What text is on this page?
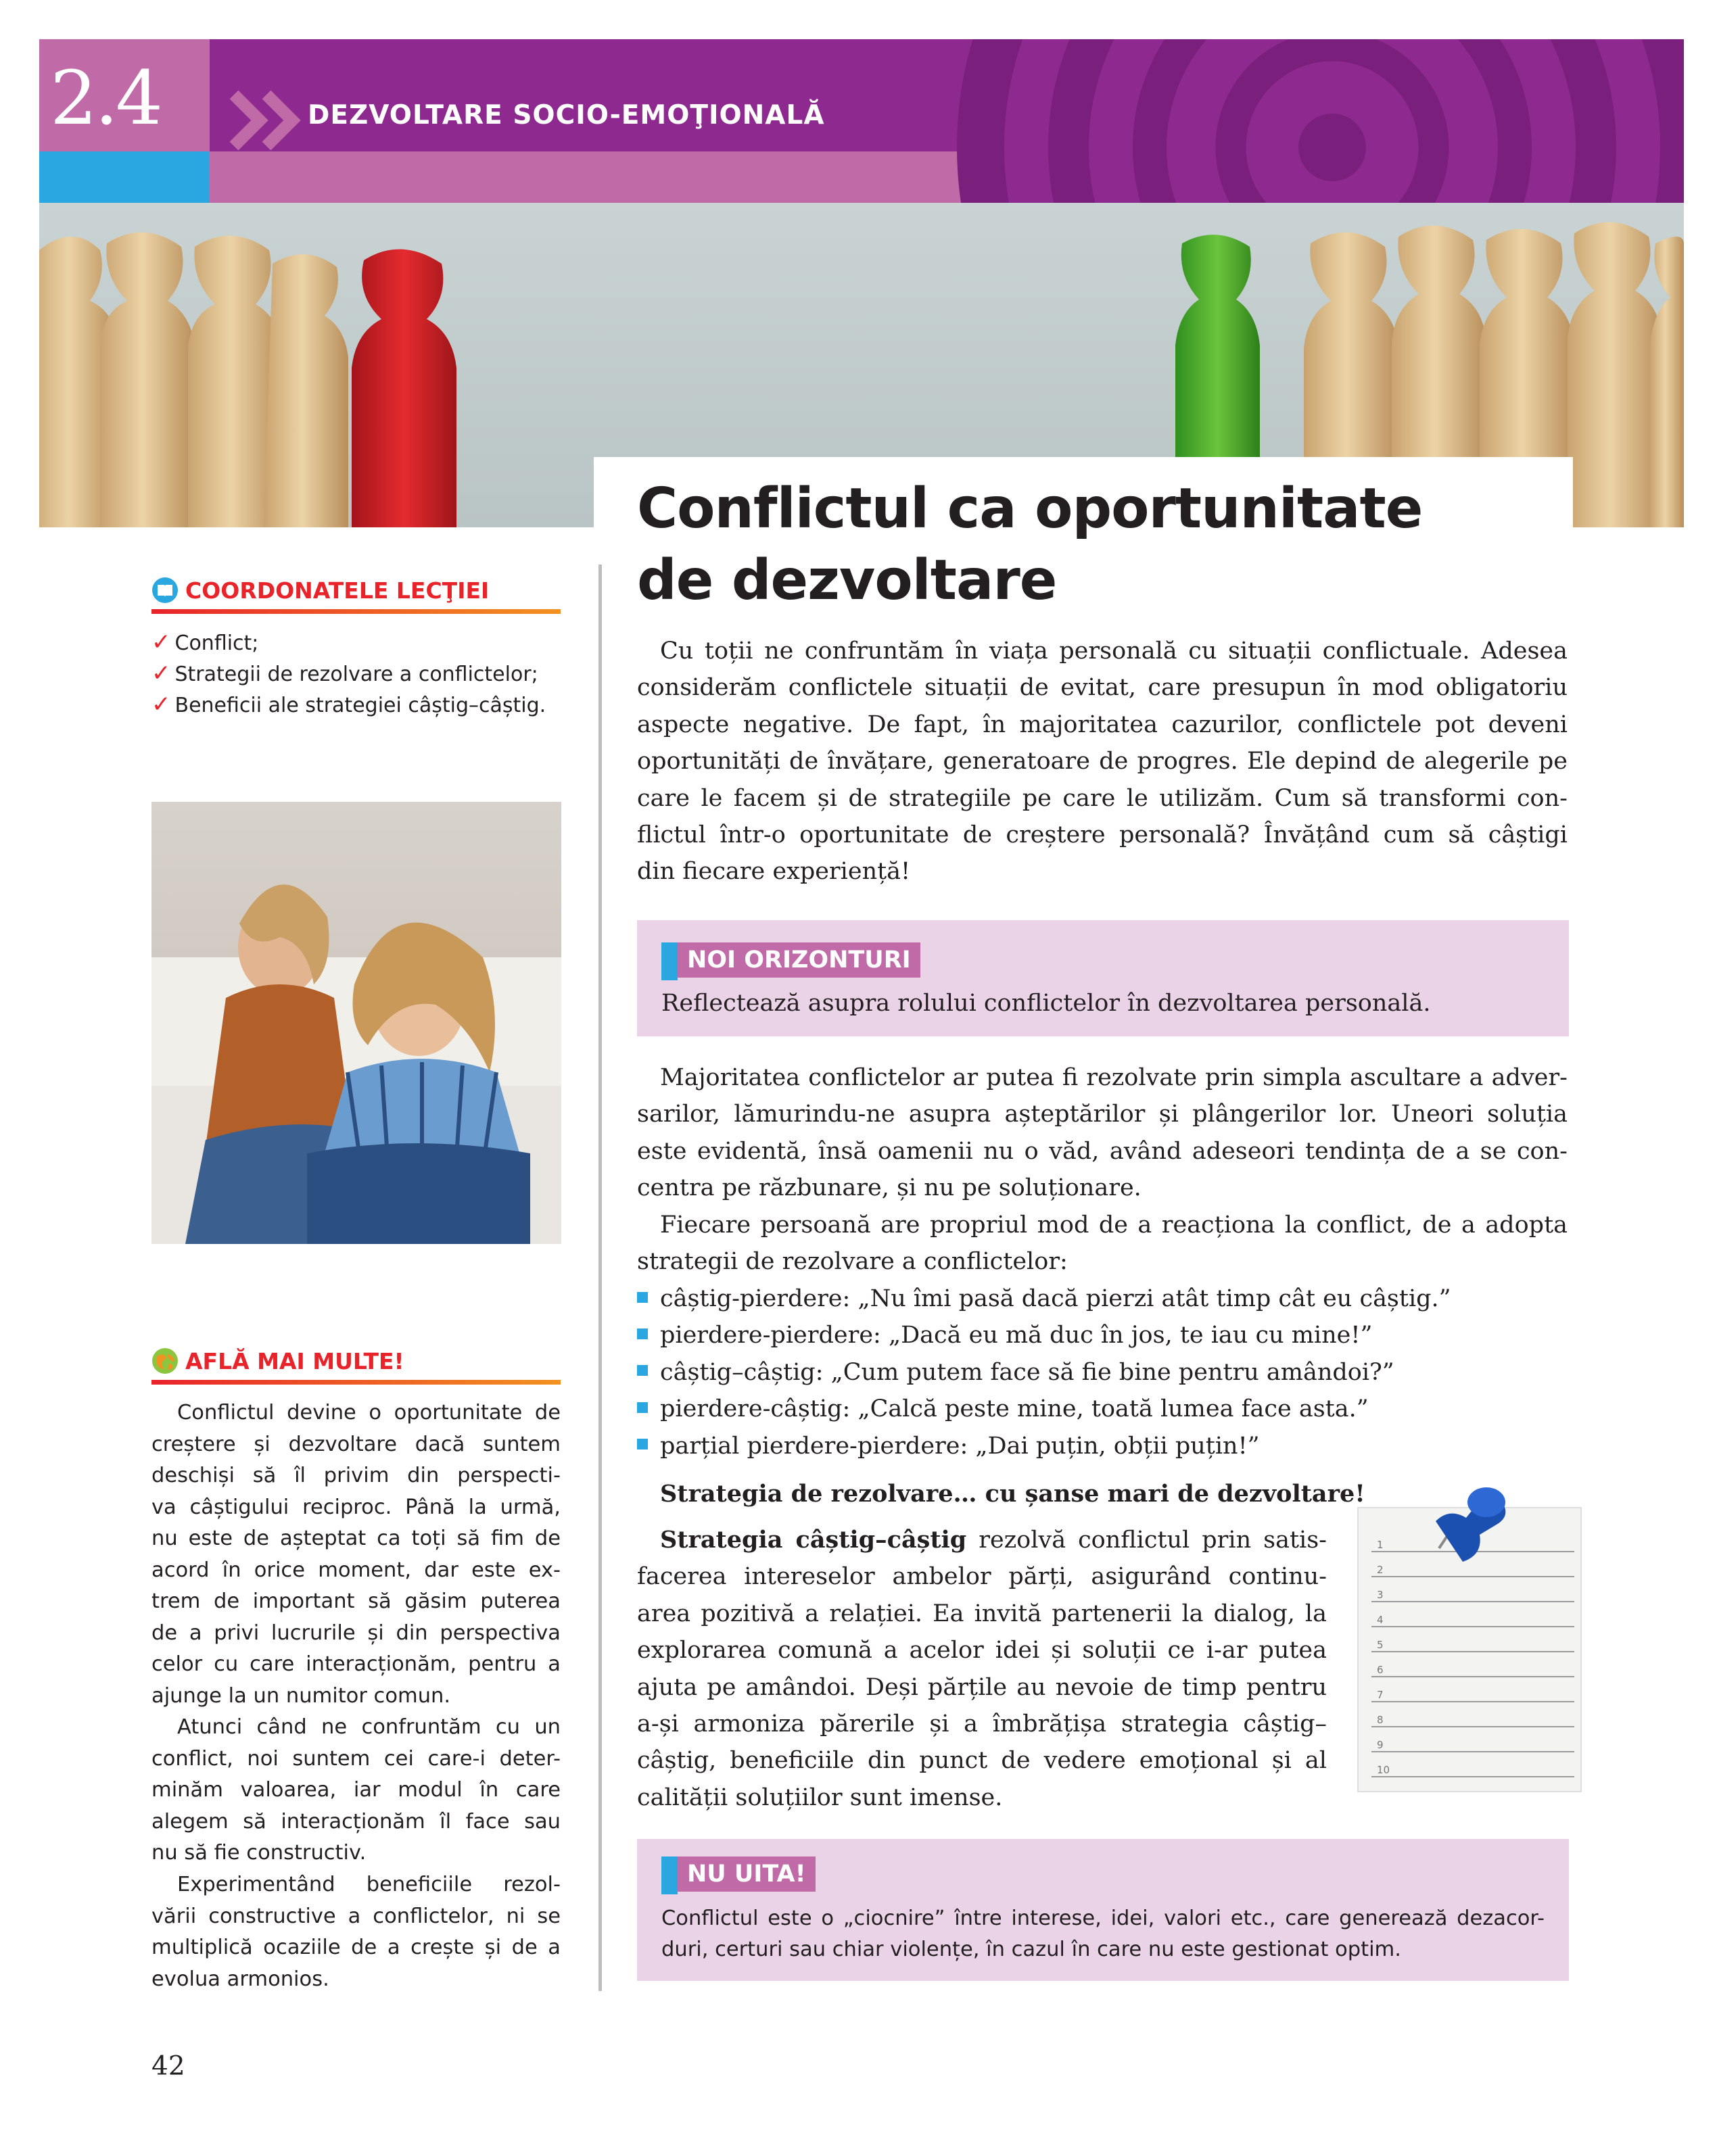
2.4	DEZVOLTARE SOCIO-EMOŢIONALĂ
Conflictul ca oportunitate
de dezvoltare
COORDONATELE LECŢIEI
✓ Conflict;
✓ Strategii de rezolvare a conflictelor;
✓ Beneficii ale strategiei câștig–câștig.
AFLĂ MAI MULTE!
Conflictul devine o oportunitate de
creștere și dezvoltare dacă suntem
deschiși să îl privim din perspecti-
va câștigului reciproc. Până la urmă,
nu este de așteptat ca toți să fim de
acord în orice moment, dar este ex-
trem de important să găsim puterea
de a privi lucrurile și din perspectiva
celor cu care interacționăm, pentru a
ajunge la un numitor comun.
Atunci când ne confruntăm cu un
conflict, noi suntem cei care-i deter-
minăm valoarea, iar modul în care
alegem să interacționăm îl face sau
nu să fie constructiv.
Experimentând beneficiile rezol-
vării constructive a conflictelor, ni se
multiplică ocaziile de a crește și de a
evolua armonios.
Cu toții ne confruntăm în viața personală cu situații conflictuale. Adesea
considerăm conflictele situații de evitat, care presupun în mod obligatoriu
aspecte negative. De fapt, în majoritatea cazurilor, conflictele pot deveni
oportunități de învățare, generatoare de progres. Ele depind de alegerile pe
care le facem și de strategiile pe care le utilizăm. Cum să transformi con-
flictul într-o oportunitate de creștere personală? Învățând cum să câștigi
din fiecare experiență!
NOI ORIZONTURI
Reflectează asupra rolului conflictelor în dezvoltarea personală.
Majoritatea conflictelor ar putea fi rezolvate prin simpla ascultare a adver-
sarilor, lămurindu-ne asupra așteptărilor și plângerilor lor. Uneori soluția
este evidentă, însă oamenii nu o văd, având adeseori tendința de a se con-
centra pe răzbunare, și nu pe soluționare.
Fiecare persoană are propriul mod de a reacționa la conflict, de a adopta
strategii de rezolvare a conflictelor:
câștig-pierdere: „Nu îmi pasă dacă pierzi atât timp cât eu câștig.”
pierdere-pierdere: „Dacă eu mă duc în jos, te iau cu mine!”
câștig–câștig: „Cum putem face să fie bine pentru amândoi?”
pierdere-câștig: „Calcă peste mine, toată lumea face asta.”
parțial pierdere-pierdere: „Dai puțin, obții puțin!”
Strategia de rezolvare… cu șanse mari de dezvoltare!
Strategia câștig–câștig rezolvă conflictul prin satis-
facerea intereselor ambelor părți, asigurând continu-
area pozitivă a relației. Ea invită partenerii la dialog, la
explorarea comună a acelor idei și soluții ce i-ar putea
ajuta pe amândoi. Deși părțile au nevoie de timp pentru
a-și armoniza părerile și a îmbrățișa strategia câștig–
câștig, beneficiile din punct de vedere emoțional și al
calității soluțiilor sunt imense.
1
2
3
4
5
6
7
8
9
10
NU UITA!
Conflictul este o „ciocnire” între interese, idei, valori etc., care generează dezacor-
duri, certuri sau chiar violențe, în cazul în care nu este gestionat optim.
42
